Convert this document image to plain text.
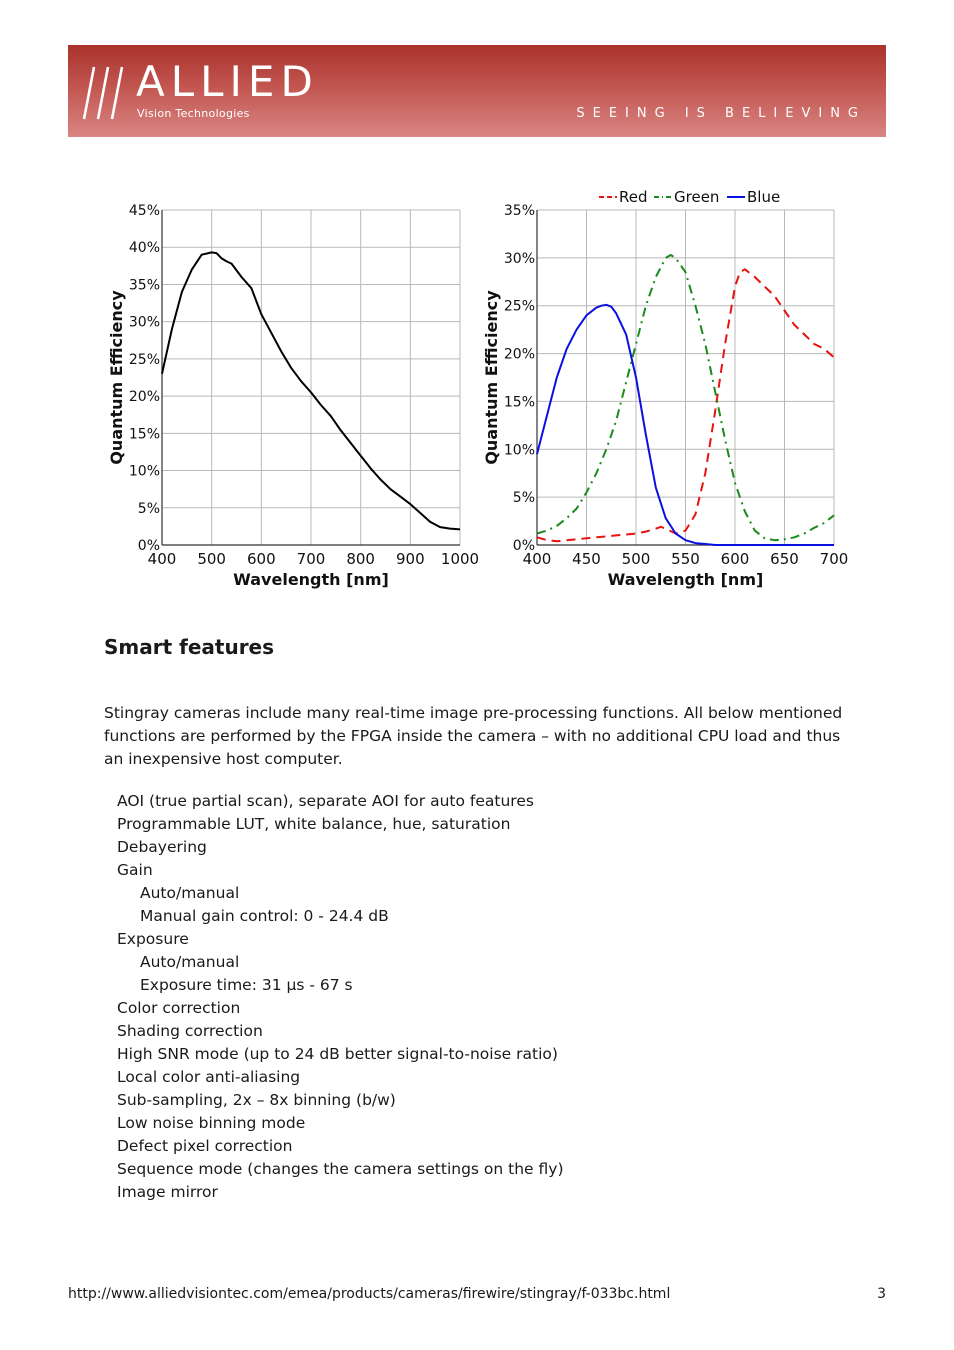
ALLIED
Vision Technologies	SEEING IS BELIEVING
400 500 600 700 800 900 1000
0%
5%
10%
15%
20%
25%
30%
35%
40%
45%
Wavelength [nm]
Quantum Efficiency
400 450 500 550 600 650 700
0%
5%
10%
15%
20%
25%
30%
35%
Wavelength [nm]
Quantum Efficiency
Red Green Blue
Smart features

Stingray cameras include many real-time image pre-processing functions. All below mentioned functions are performed by the FPGA inside the camera – with no additional CPU load and thus an inexpensive host computer.

AOI (true partial scan), separate AOI for auto features
Programmable LUT, white balance, hue, saturation
Debayering
Gain
Auto/manual
Manual gain control: 0 - 24.4 dB
Exposure
Auto/manual
Exposure time: 31 µs - 67 s
Color correction
Shading correction
High SNR mode (up to 24 dB better signal-to-noise ratio)
Local color anti-aliasing
Sub-sampling, 2x – 8x binning (b/w)
Low noise binning mode
Defect pixel correction
Sequence mode (changes the camera settings on the fly)
Image mirror
http://www.alliedvisiontec.com/emea/products/cameras/firewire/stingray/f-033bc.html	3
